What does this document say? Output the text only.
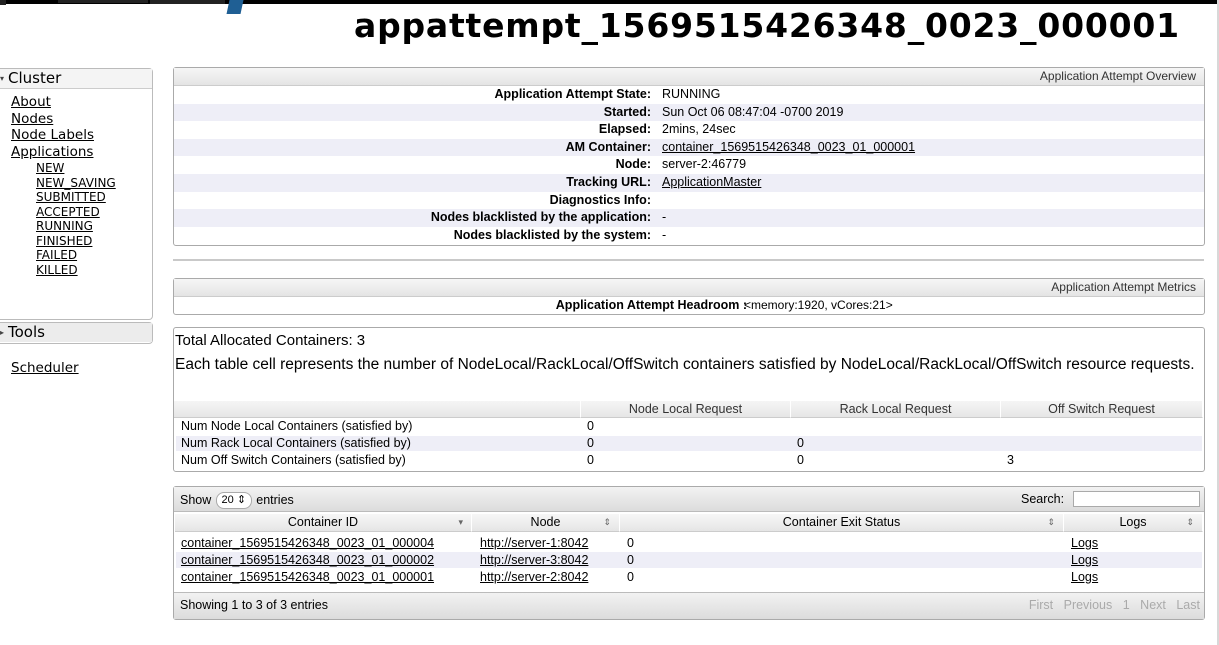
appattempt_1569515426348_0023_000001
▾ Cluster
About
Nodes
Node Labels
Applications
NEW
NEW_SAVING
SUBMITTED
ACCEPTED
RUNNING
FINISHED
FAILED
KILLED
Scheduler
▸ Tools
Application Attempt Overview
Application Attempt State: RUNNING
Started: Sun Oct 06 08:47:04 -0700 2019
Elapsed: 2mins, 24sec
AM Container: container_1569515426348_0023_01_000001
Node: server-2:46779
Tracking URL: ApplicationMaster
Diagnostics Info:
Nodes blacklisted by the application: -
Nodes blacklisted by the system: -
Application Attempt Metrics
Application Attempt Headroom :
<memory:1920, vCores:21>
Total Allocated Containers: 3
Each table cell represents the number of NodeLocal/RackLocal/OffSwitch containers satisfied by NodeLocal/RackLocal/OffSwitch resource requests.
Node Local Request	Rack Local Request	Off Switch Request
Num Node Local Containers (satisfied by)	0
Num Rack Local Containers (satisfied by)	0	0
Num Off Switch Containers (satisfied by)	0	0	3
Show 20 ⇕ entries	Search:
Container ID	▾	Node	⇕	Container Exit Status	⇕	Logs	⇕
container_1569515426348_0023_01_000004	http://server-1:8042	0	Logs
container_1569515426348_0023_01_000002	http://server-3:8042	0	Logs
container_1569515426348_0023_01_000001	http://server-2:8042	0	Logs
Showing 1 to 3 of 3 entries	First Previous 1 Next Last
